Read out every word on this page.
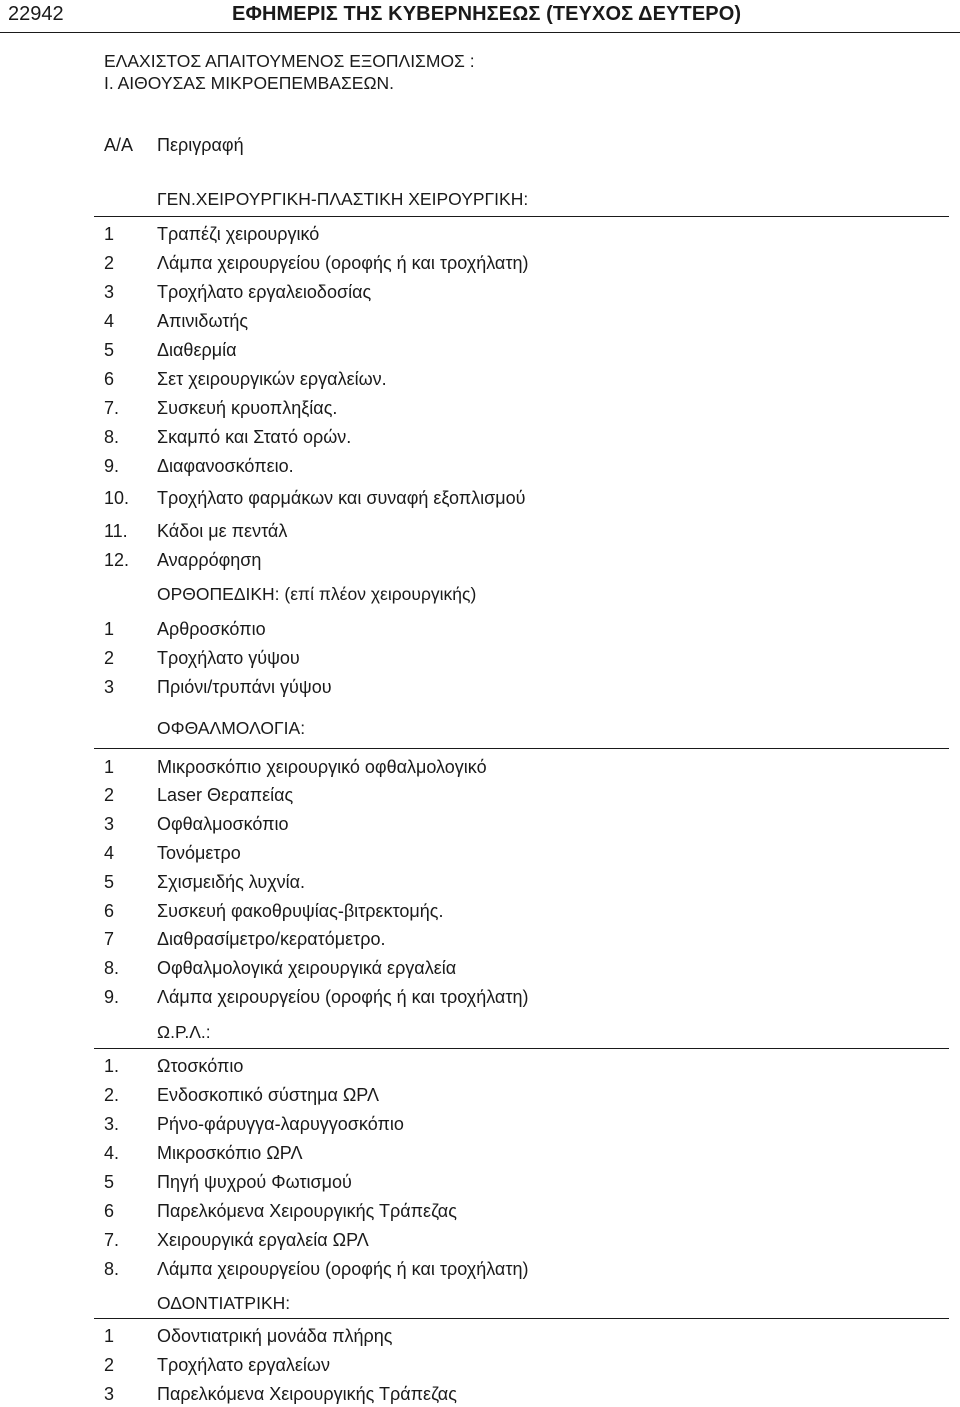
22942	ΕΦΗΜΕΡΙΣ ΤΗΣ ΚΥΒΕΡΝΗΣΕΩΣ (ΤΕΥΧΟΣ ΔΕΥΤΕΡΟ)
ΕΛΑΧΙΣΤΟΣ ΑΠΑΙΤΟΥΜΕΝΟΣ ΕΞΟΠΛΙΣΜΟΣ :
Ι. ΑΙΘΟΥΣΑΣ ΜΙΚΡΟΕΠΕΜΒΑΣΕΩΝ.
Α/Α Περιγραφή
ΓΕΝ.ΧΕΙΡΟΥΡΓΙΚΗ-ΠΛΑΣΤΙΚΗ ΧΕΙΡΟΥΡΓΙΚΗ:
1 Τραπέζι χειρουργικό
2 Λάμπα χειρουργείου (οροφής ή και τροχήλατη)
3 Τροχήλατο εργαλειοδοσίας
4 Απινιδωτής
5 Διαθερμία
6 Σετ χειρουργικών εργαλείων.
7. Συσκευή κρυοπληξίας.
8. Σκαμπό και Στατό ορών.
9. Διαφανοσκόπειο.
10. Τροχήλατο φαρμάκων και συναφή εξοπλισμού
11. Κάδοι με πεντάλ
12. Αναρρόφηση
ΟΡΘΟΠΕΔΙΚΗ: (επί πλέον χειρουργικής)
1 Αρθροσκόπιο
2 Τροχήλατο γύψου
3 Πριόνι/τρυπάνι γύψου
ΟΦΘΑΛΜΟΛΟΓΙΑ:
1 Μικροσκόπιο χειρουργικό οφθαλμολογικό
2 Laser Θεραπείας
3 Οφθαλμοσκόπιο
4 Τονόμετρο
5 Σχισμειδής λυχνία.
6 Συσκευή φακοθρυψίας-βιτρεκτομής.
7 Διαθρασίμετρο/κερατόμετρο.
8. Οφθαλμολογικά χειρουργικά εργαλεία
9. Λάμπα χειρουργείου (οροφής ή και τροχήλατη)
Ω.Ρ.Λ.:
1. Ωτοσκόπιο
2. Ενδοσκοπικό σύστημα ΩΡΛ
3. Ρήνο-φάρυγγα-λαρυγγοσκόπιο
4. Μικροσκόπιο ΩΡΛ
5 Πηγή ψυχρού Φωτισμού
6 Παρελκόμενα Χειρουργικής Τράπεζας
7. Χειρουργικά εργαλεία ΩΡΛ
8. Λάμπα χειρουργείου (οροφής ή και τροχήλατη)
ΟΔΟΝΤΙΑΤΡΙΚΗ:
1 Οδοντιατρική μονάδα πλήρης
2 Τροχήλατο εργαλείων
3 Παρελκόμενα Χειρουργικής Τράπεζας
